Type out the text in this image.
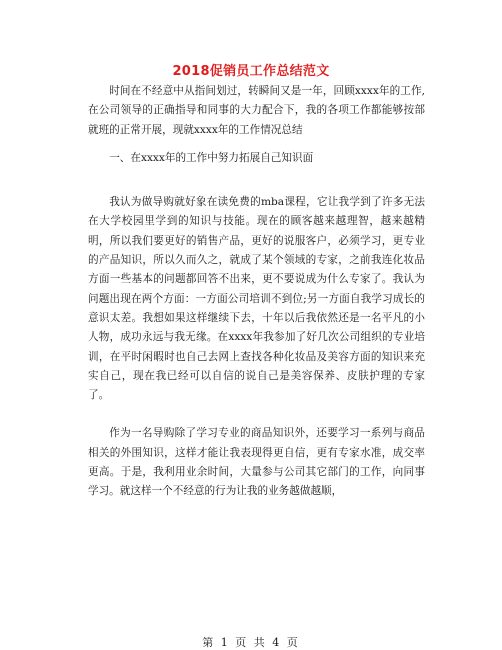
2018促销员工作总结范文

时间在不经意中从指间划过，转瞬间又是一年，回顾xxxx年的工作,在公司领导的正确指导和同事的大力配合下，我的各项工作都能够按部就班的正常开展，现就xxxx年的工作情况总结

一、在xxxx年的工作中努力拓展自己知识面

我认为做导购就好象在读免费的mba课程，它让我学到了许多无法在大学校园里学到的知识与技能。现在的顾客越来越理智，越来越精明，所以我们要更好的销售产品，更好的说服客户，必须学习，更专业的产品知识，所以久而久之，就成了某个领域的专家，之前我连化妆品方面一些基本的问题都回答不出来，更不要说成为什么专家了。我认为问题出现在两个方面：一方面公司培训不到位;另一方面自我学习成长的意识太差。我想如果这样继续下去，十年以后我依然还是一名平凡的小人物，成功永远与我无缘。在xxxx年我参加了好几次公司组织的专业培训，在平时闲暇时也自己去网上查找各种化妆品及美容方面的知识来充实自己，现在我已经可以自信的说自己是美容保养、皮肤护理的专家了。

作为一名导购除了学习专业的商品知识外，还要学习一系列与商品相关的外围知识，这样才能让我表现得更自信，更有专家水准，成交率更高。于是，我利用业余时间，大量参与公司其它部门的工作，向同事学习。就这样一个不经意的行为让我的业务越做越顺，

第 1 页 共 4 页
